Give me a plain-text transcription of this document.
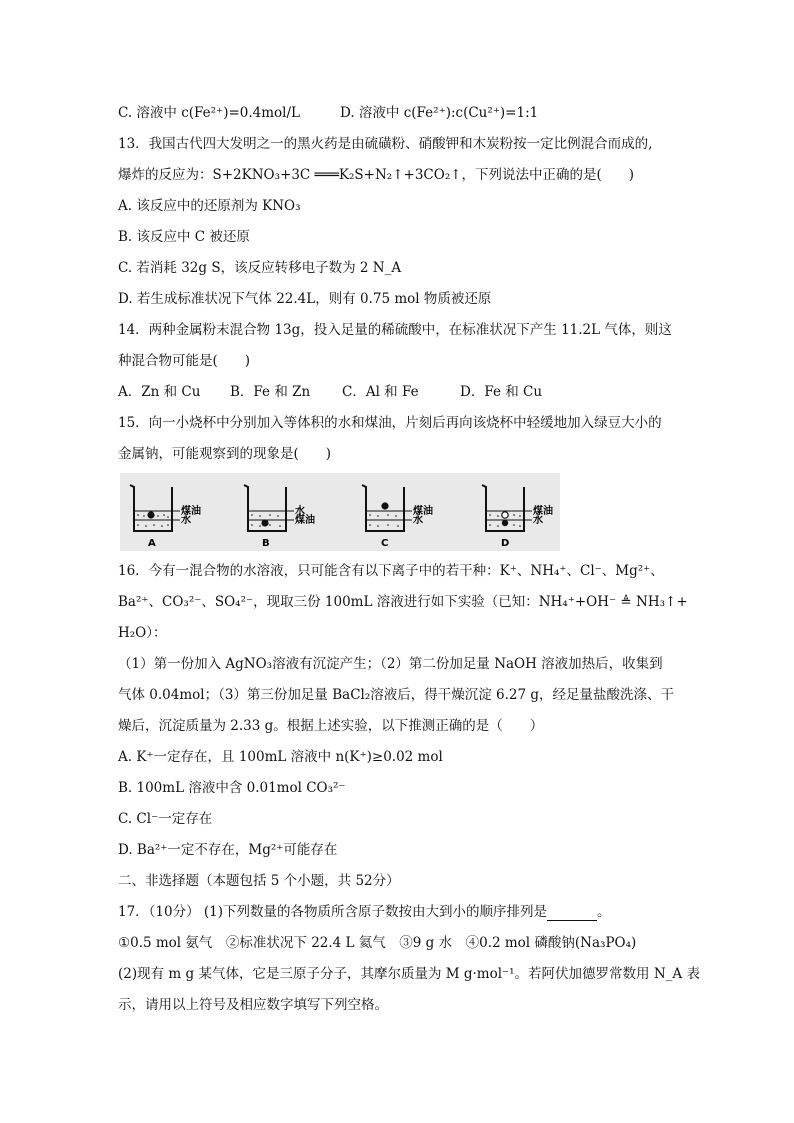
C. 溶液中 c(Fe²⁺)=0.4mol/L	D. 溶液中 c(Fe²⁺):c(Cu²⁺)=1:1
13．我国古代四大发明之一的黑火药是由硫磺粉、硝酸钾和木炭粉按一定比例混合而成的,
爆炸的反应为：S+2KNO₃+3C ═══K₂S+N₂↑+3CO₂↑，下列说法中正确的是(　　)
A. 该反应中的还原剂为 KNO₃
B. 该反应中 C 被还原
C. 若消耗 32g S，该反应转移电子数为 2 N_A
D. 若生成标准状况下气体 22.4L，则有 0.75 mol 物质被还原
14．两种金属粉末混合物 13g，投入足量的稀硫酸中，在标准状况下产生 11.2L 气体，则这
种混合物可能是(　　)
A．Zn 和 Cu B．Fe 和 Zn C．Al 和 Fe	D．Fe 和 Cu
15．向一小烧杯中分别加入等体积的水和煤油，片刻后再向该烧杯中轻缓地加入绿豆大小的
金属钠，可能观察到的现象是(　　)
煤油
水
A
水
煤油
B
煤油
水
C
煤油
水
D
16．今有一混合物的水溶液，只可能含有以下离子中的若干种：K⁺、NH₄⁺、Cl⁻、Mg²⁺、
Ba²⁺、CO₃²⁻、SO₄²⁻，现取三份 100mL 溶液进行如下实验（已知：NH₄⁺+OH⁻ ≜ NH₃↑+
H₂O）：
（1）第一份加入 AgNO₃溶液有沉淀产生；（2）第二份加足量 NaOH 溶液加热后，收集到
气体 0.04mol；（3）第三份加足量 BaCl₂溶液后，得干燥沉淀 6.27 g，经足量盐酸洗涤、干
燥后，沉淀质量为 2.33 g。根据上述实验，以下推测正确的是（　　）
A. K⁺一定存在，且 100mL 溶液中 n(K⁺)≥0.02 mol
B. 100mL 溶液中含 0.01mol CO₃²⁻
C. Cl⁻一定存在
D. Ba²⁺一定不存在，Mg²⁺可能存在
二、非选择题（本题包括 5 个小题，共 52分）
17．（10分） (1)下列数量的各物质所含原子数按由大到小的顺序排列是	。
①0.5 mol 氨气　②标准状况下 22.4 L 氦气　③9 g 水　④0.2 mol 磷酸钠(Na₃PO₄)
(2)现有 m g 某气体，它是三原子分子，其摩尔质量为 M g·mol⁻¹。若阿伏加德罗常数用 N_A 表
示，请用以上符号及相应数字填写下列空格。
